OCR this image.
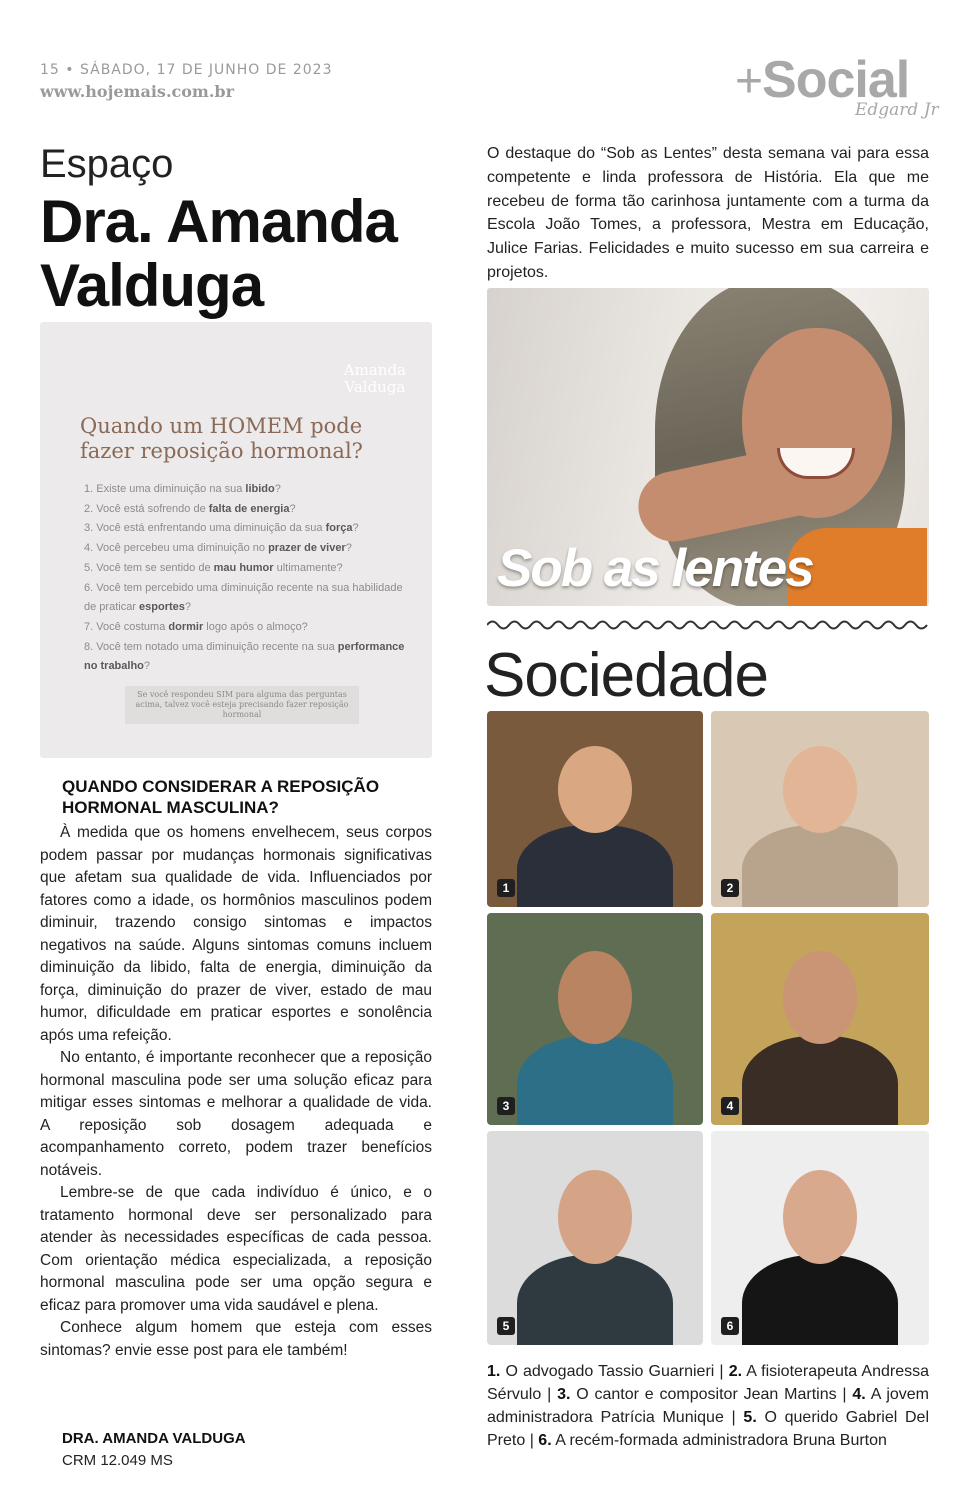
15 • SÁBADO, 17 DE JUNHO DE 2023
www.hojemais.com.br	+Social
Edgard Jr
Espaço
Dra. Amanda
Valduga
Amanda
Valduga
Quando um HOMEM pode fazer reposição hormonal?
1. Existe uma diminuição na sua libido?
2. Você está sofrendo de falta de energia?
3. Você está enfrentando uma diminuição da sua força?
4. Você percebeu uma diminuição no prazer de viver?
5. Você tem se sentido de mau humor ultimamente?
6. Você tem percebido uma diminuição recente na sua habilidade de praticar esportes?
7. Você costuma dormir logo após o almoço?
8. Você tem notado uma diminuição recente na sua performance no trabalho?
Se você respondeu SIM para alguma das perguntas acima, talvez você esteja precisando fazer reposição hormonal
QUANDO CONSIDERAR A REPOSIÇÃO HORMONAL MASCULINA?

À medida que os homens envelhecem, seus corpos podem passar por mudanças hormonais significativas que afetam sua qualidade de vida. Influenciados por fatores como a idade, os hormônios masculinos podem diminuir, trazendo consigo sintomas e impactos negativos na saúde. Alguns sintomas comuns incluem diminuição da libido, falta de energia, diminuição da força, diminuição do prazer de viver, estado de mau humor, dificuldade em praticar esportes e sonolência após uma refeição.

No entanto, é importante reconhecer que a reposição hormonal masculina pode ser uma solução eficaz para mitigar esses sintomas e melhorar a qualidade de vida. A reposição sob dosagem adequada e acompanhamento correto, podem trazer benefícios notáveis.

Lembre-se de que cada indivíduo é único, e o tratamento hormonal deve ser personalizado para atender às necessidades específicas de cada pessoa. Com orientação médica especializada, a reposição hormonal masculina pode ser uma opção segura e eficaz para promover uma vida saudável e plena.

Conhece algum homem que esteja com esses sintomas? envie esse post para ele também!

DRA. AMANDA VALDUGA
CRM 12.049 MS
O destaque do “Sob as Lentes” desta semana vai para essa competente e linda professora de História. Ela que me recebeu de forma tão carinhosa juntamente com a turma da Escola João Tomes, a professora, Mestra em Educação, Julice Farias. Felicidades e muito sucesso em sua carreira e projetos.
Sob as lentes
Sociedade
1	2
3	4
5	6
1. O advogado Tassio Guarnieri | 2. A fisioterapeuta Andressa Sérvulo | 3. O cantor e compositor Jean Martins | 4. A jovem administradora Patrícia Munique | 5. O querido Gabriel Del Preto | 6. A recém-formada administradora Bruna Burton
